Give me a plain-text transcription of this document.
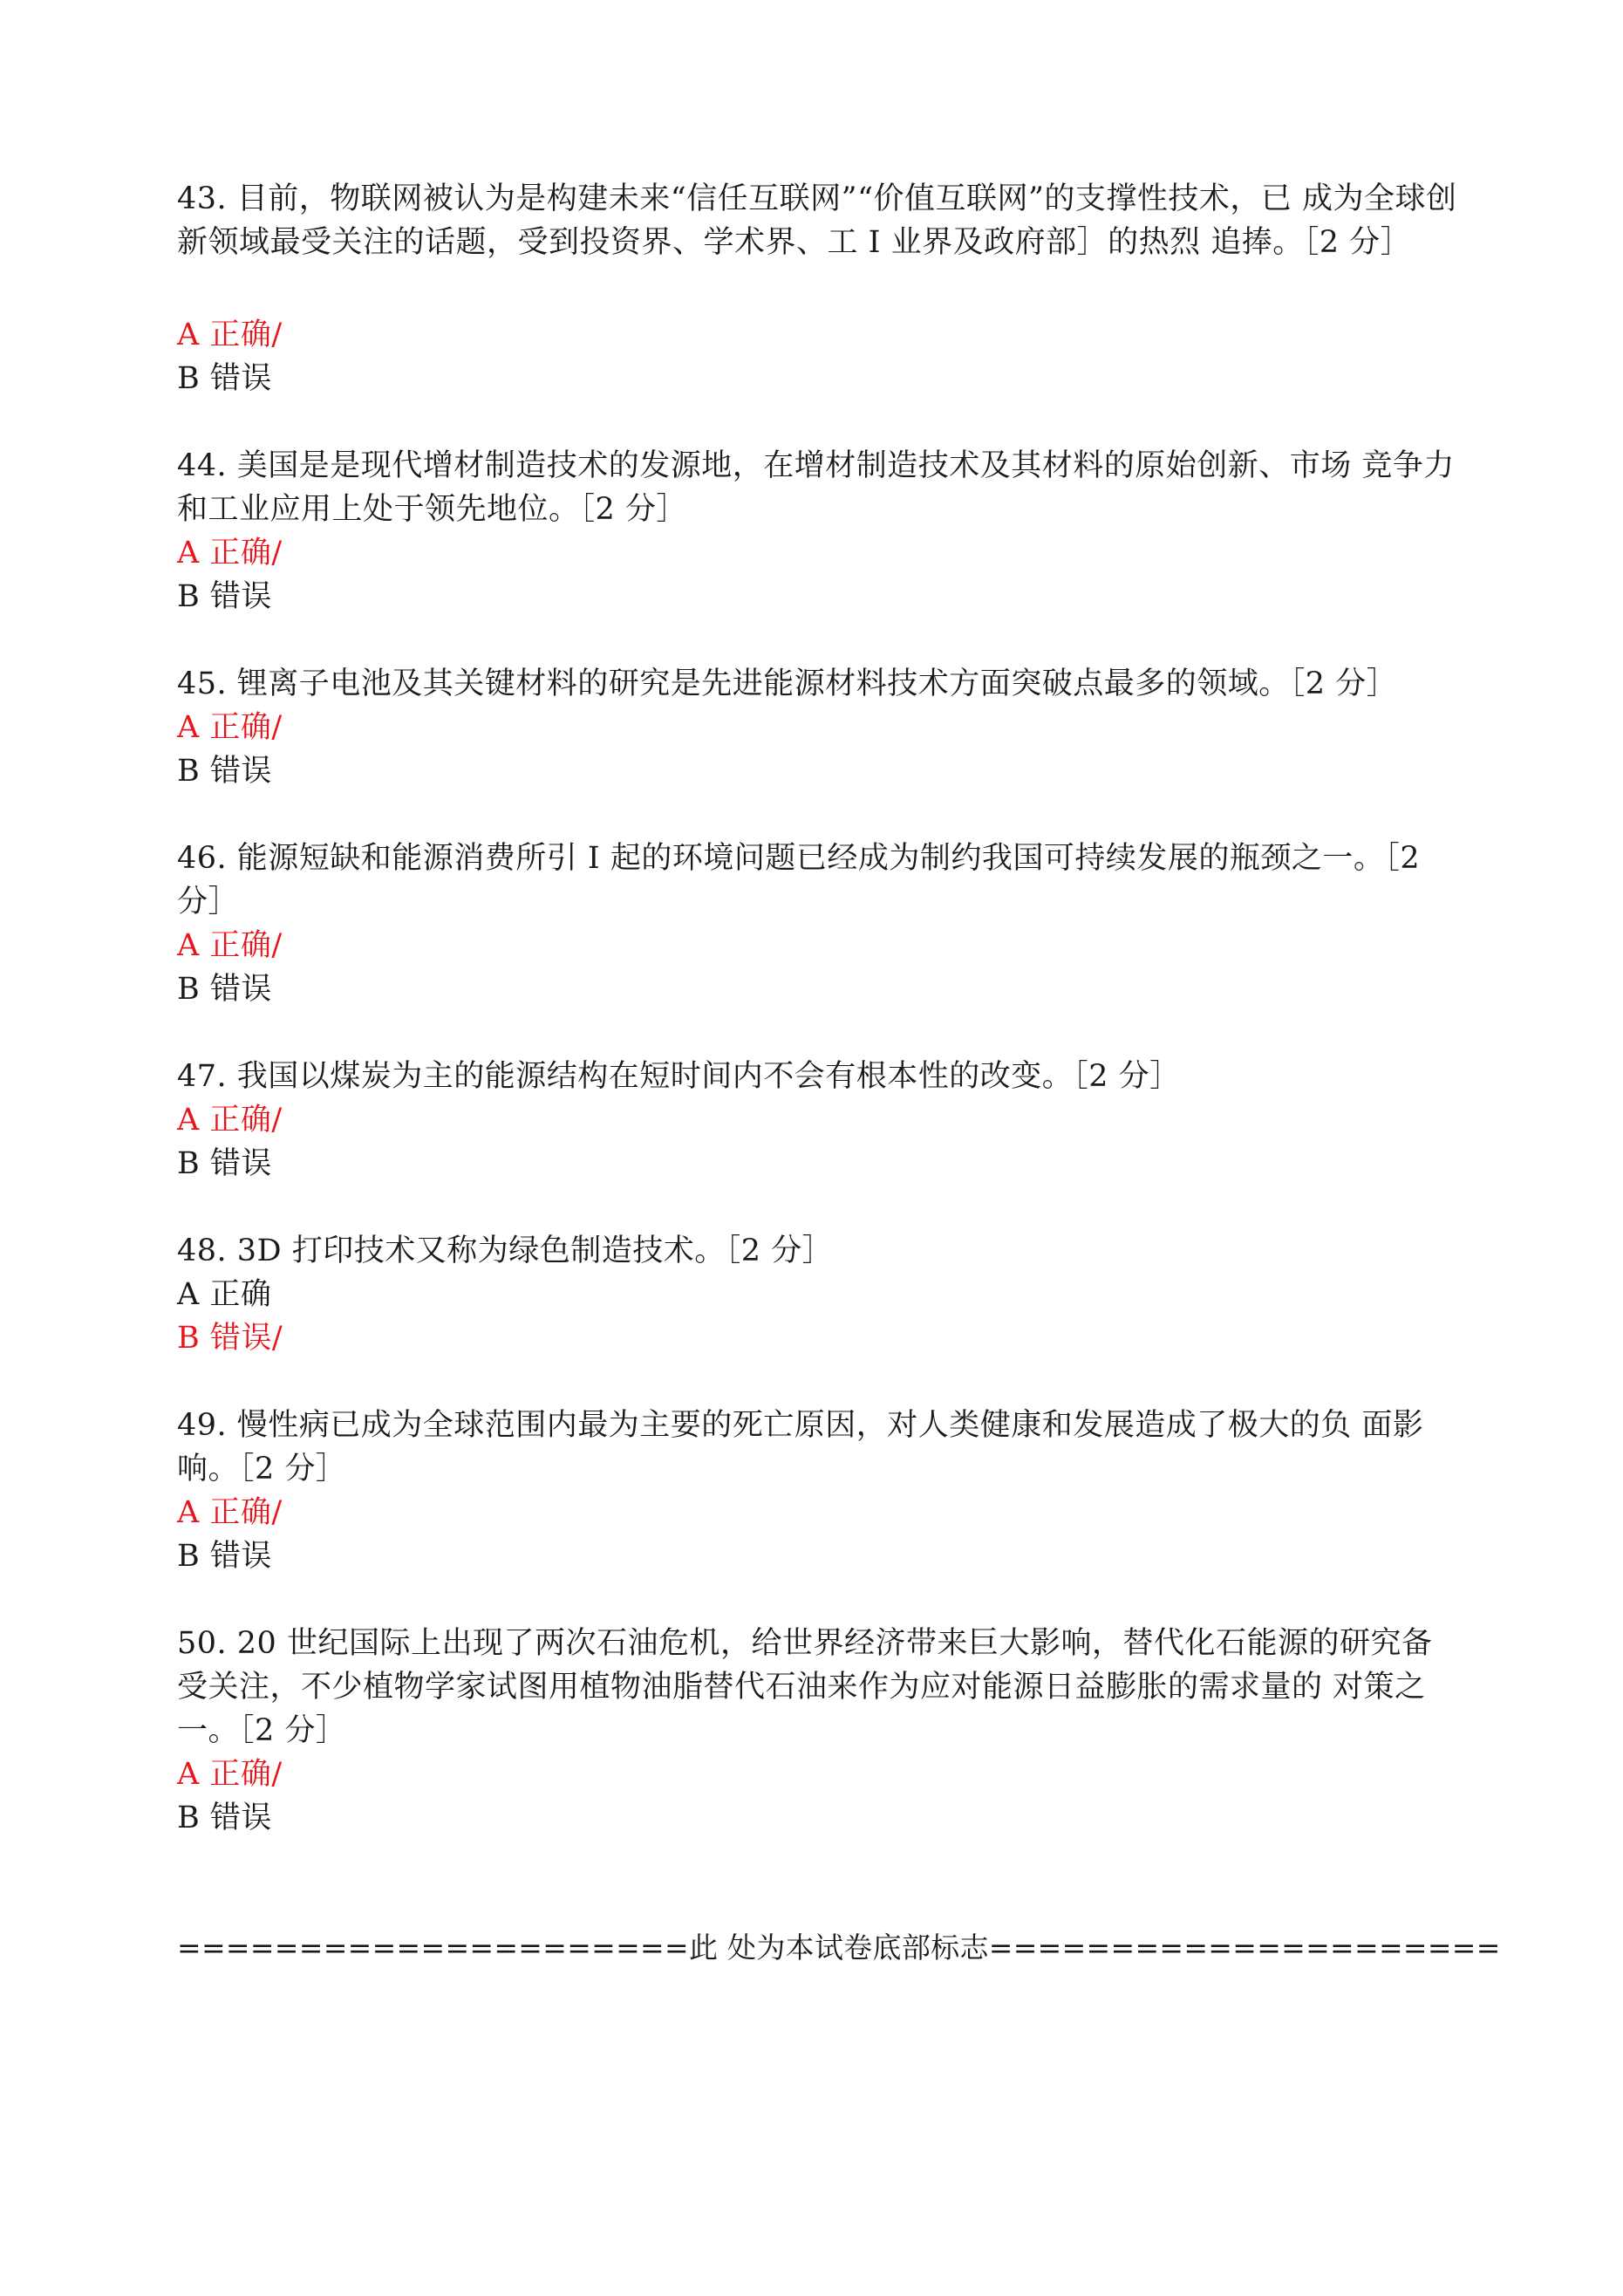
43. 目前，物联网被认为是构建未来“信任互联网”“价值互联网”的支撑性技术，已 成为全球创新领域最受关注的话题，受到投资界、学术界、工 I 业界及政府部］的热烈 追捧。［2 分］

A 正确/

B 错误

44. 美国是是现代增材制造技术的发源地，在增材制造技术及其材料的原始创新、市场 竞争力和工业应用上处于领先地位。［2 分］

A 正确/

B 错误

45. 锂离子电池及其关键材料的研究是先进能源材料技术方面突破点最多的领域。［2 分］

A 正确/

B 错误

46. 能源短缺和能源消费所引 I 起的环境问题已经成为制约我国可持续发展的瓶颈之一。［2 分］

A 正确/

B 错误

47. 我国以煤炭为主的能源结构在短时间内不会有根本性的改变。［2 分］

A 正确/

B 错误

48. 3D 打印技术又称为绿色制造技术。［2 分］

A 正确

B 错误/

49. 慢性病已成为全球范围内最为主要的死亡原因，对人类健康和发展造成了极大的负 面影响。［2 分］

A 正确/

B 错误

50. 20 世纪国际上出现了两次石油危机，给世界经济带来巨大影响，替代化石能源的研究备受关注，不少植物学家试图用植物油脂替代石油来作为应对能源日益膨胀的需求量的 对策之一。［2 分］

A 正确/

B 错误

=====================此 处为本试卷底部标志=====================
